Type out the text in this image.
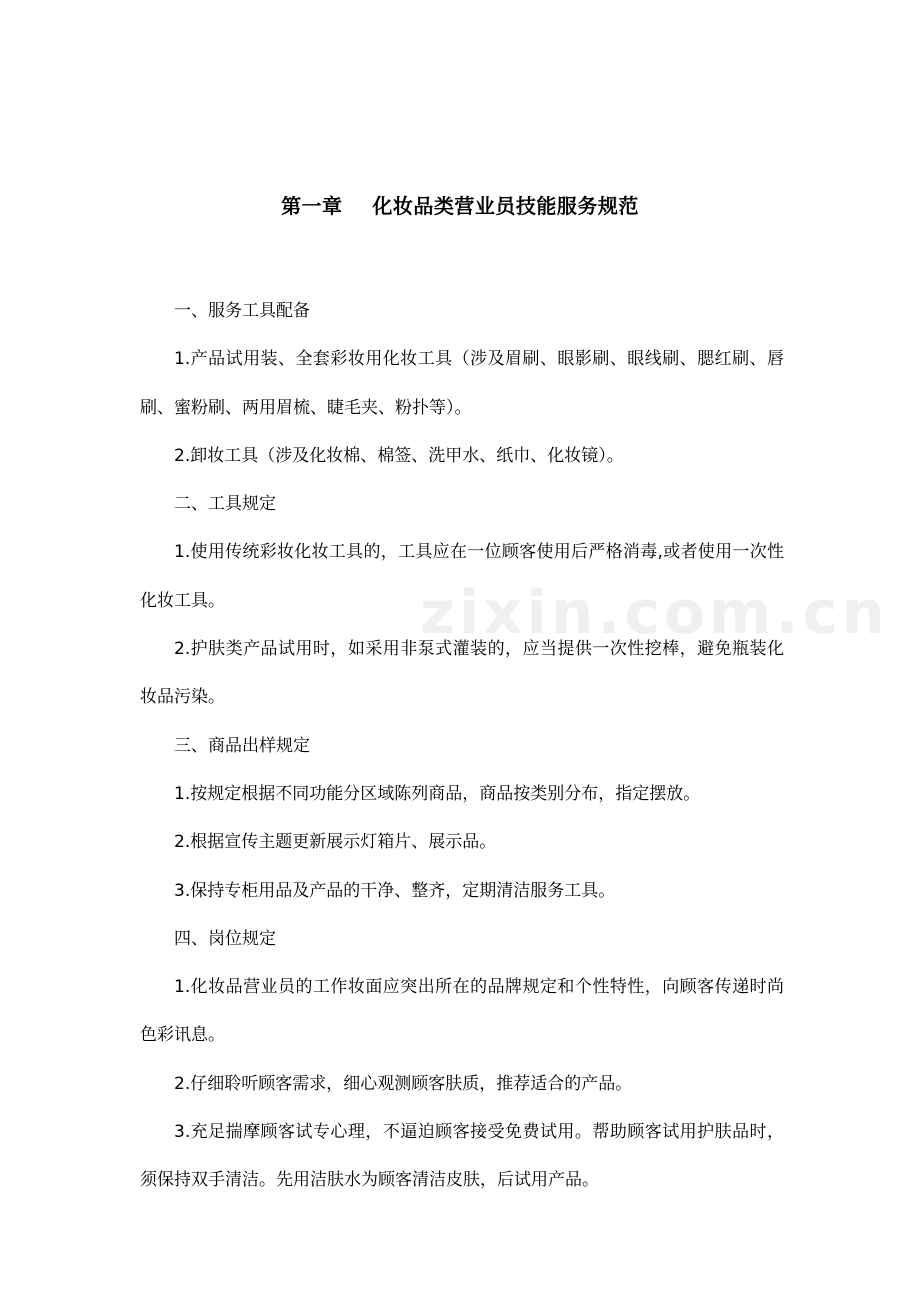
zixin.com.cn
第一章    化妆品类营业员技能服务规范

一、服务工具配备

1.产品试用装、全套彩妆用化妆工具（涉及眉刷、眼影刷、眼线刷、腮红刷、唇刷、蜜粉刷、两用眉梳、睫毛夹、粉扑等）。

2.卸妆工具（涉及化妆棉、棉签、洗甲水、纸巾、化妆镜）。

二、工具规定

1.使用传统彩妆化妆工具的，工具应在一位顾客使用后严格消毒,或者使用一次性化妆工具。

2.护肤类产品试用时，如采用非泵式灌装的，应当提供一次性挖棒，避免瓶装化妆品污染。

三、商品出样规定

1.按规定根据不同功能分区域陈列商品，商品按类别分布，指定摆放。

2.根据宣传主题更新展示灯箱片、展示品。

3.保持专柜用品及产品的干净、整齐，定期清洁服务工具。

四、岗位规定

1.化妆品营业员的工作妆面应突出所在的品牌规定和个性特性，向顾客传递时尚色彩讯息。

2.仔细聆听顾客需求，细心观测顾客肤质，推荐适合的产品。

3.充足揣摩顾客试专心理，不逼迫顾客接受免费试用。帮助顾客试用护肤品时，须保持双手清洁。先用洁肤水为顾客清洁皮肤，后试用产品。
